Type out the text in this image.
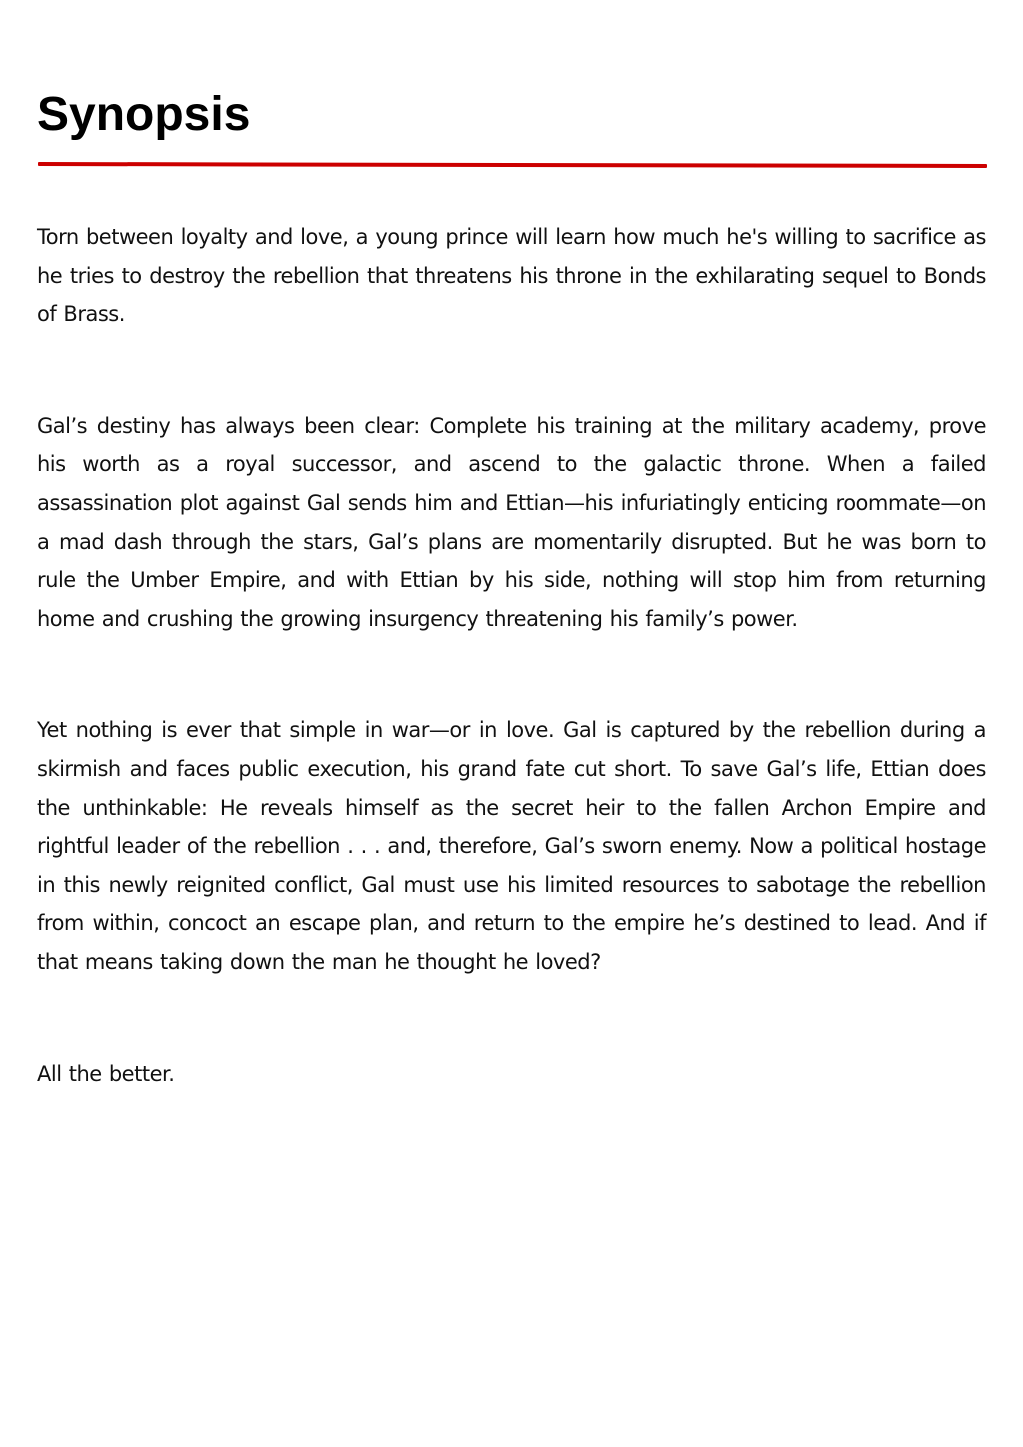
Synopsis

Torn between loyalty and love, a young prince will learn how much he's willing to sacrifice as he tries to destroy the rebellion that threatens his throne in the exhilarating sequel to Bonds of Brass.

Gal’s destiny has always been clear: Complete his training at the military academy, prove his worth as a royal successor, and ascend to the galactic throne. When a failed assassination plot against Gal sends him and Ettian—his infuriatingly enticing roommate—on a mad dash through the stars, Gal’s plans are momentarily disrupted. But he was born to rule the Umber Empire, and with Ettian by his side, nothing will stop him from returning home and crushing the growing insurgency threatening his family’s power.

Yet nothing is ever that simple in war—or in love. Gal is captured by the rebellion during a skirmish and faces public execution, his grand fate cut short. To save Gal’s life, Ettian does the unthinkable: He reveals himself as the secret heir to the fallen Archon Empire and rightful leader of the rebellion . . . and, therefore, Gal’s sworn enemy. Now a political hostage in this newly reignited conflict, Gal must use his limited resources to sabotage the rebellion from within, concoct an escape plan, and return to the empire he’s destined to lead. And if that means taking down the man he thought he loved?

All the better.
